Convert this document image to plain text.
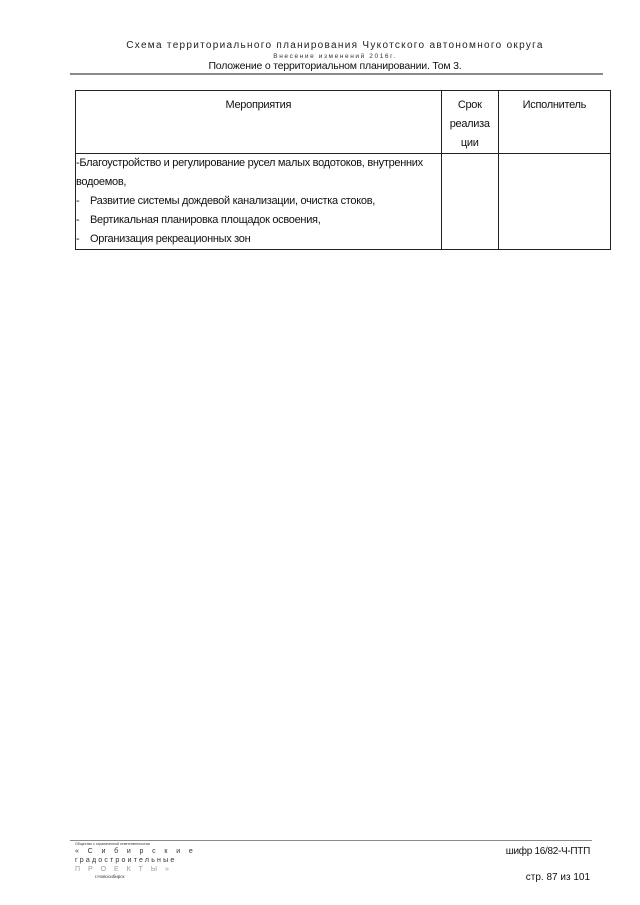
Схема территориального планирования Чукотского автономного округа
Внесение изменений 2016г.
Положение о территориальном планировании. Том 3.
Мероприятия	Срок реализа ции	Исполнитель

-Благоустройство и регулирование русел малых водотоков, внутренних водоемов,
- Развитие системы дождевой канализации, очистка стоков,
- Вертикальная планировка площадок освоения,
- Организация рекреационных зон		

Общество с ограниченной ответственностью
« С и б и р с к и е
градостроительные
П Р О Е К Т Ы »
г.Новосибирск
шифр 16/82-Ч-ПТП
стр. 87 из 101
